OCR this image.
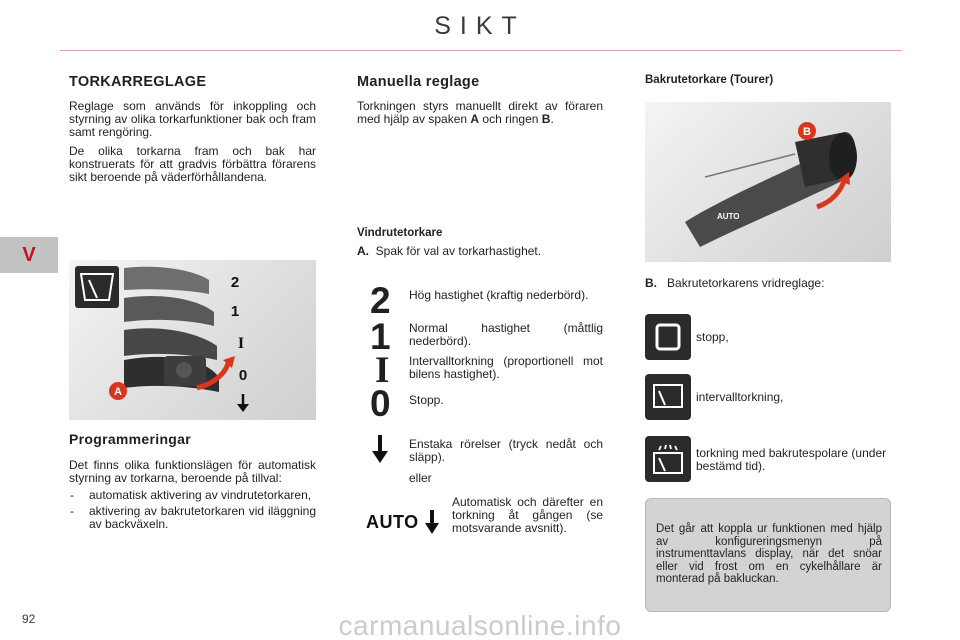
SIKT
V
TORKARREGLAGE

Reglage som används för inkoppling och styrning av olika torkarfunktioner bak och fram samt rengöring.

De olika torkarna fram och bak har konstruerats för att gradvis förbättra förarens sikt beroende på väderförhållandena.

A
2
1
I
0
Programmeringar

Det finns olika funktionslägen för automatisk styrning av torkarna, beroende på tillval:

- automatisk aktivering av vindrutetorkaren,
- aktivering av bakrutetorkaren vid iläggning av backväxeln.
Manuella reglage

Torkningen styrs manuellt direkt av föraren med hjälp av spaken A och ringen B.

Vindrutetorkare
A. Spak för val av torkarhastighet.
2 Hög hastighet (kraftig nederbörd).

1 Normal hastighet (måttlig nederbörd).

I Intervalltorkning (proportionell mot bilens hastighet).

0 Stopp.

Enstaka rörelser (tryck nedåt och släpp).

eller

AUTO

Automatisk och därefter en torkning åt gången (se motsvarande avsnitt).

Bakrutetorkare (Tourer)
B
AUTO
B. Bakrutetorkarens vridreglage:

stopp,

intervalltorkning,

torkning med bakrutespolare (under bestämd tid).

Det går att koppla ur funktionen med hjälp av konfigureringsmenyn på instrumenttavlans display, när det snöar eller vid frost om en cykelhållare är monterad på bakluckan.

92	carmanualsonline.info
